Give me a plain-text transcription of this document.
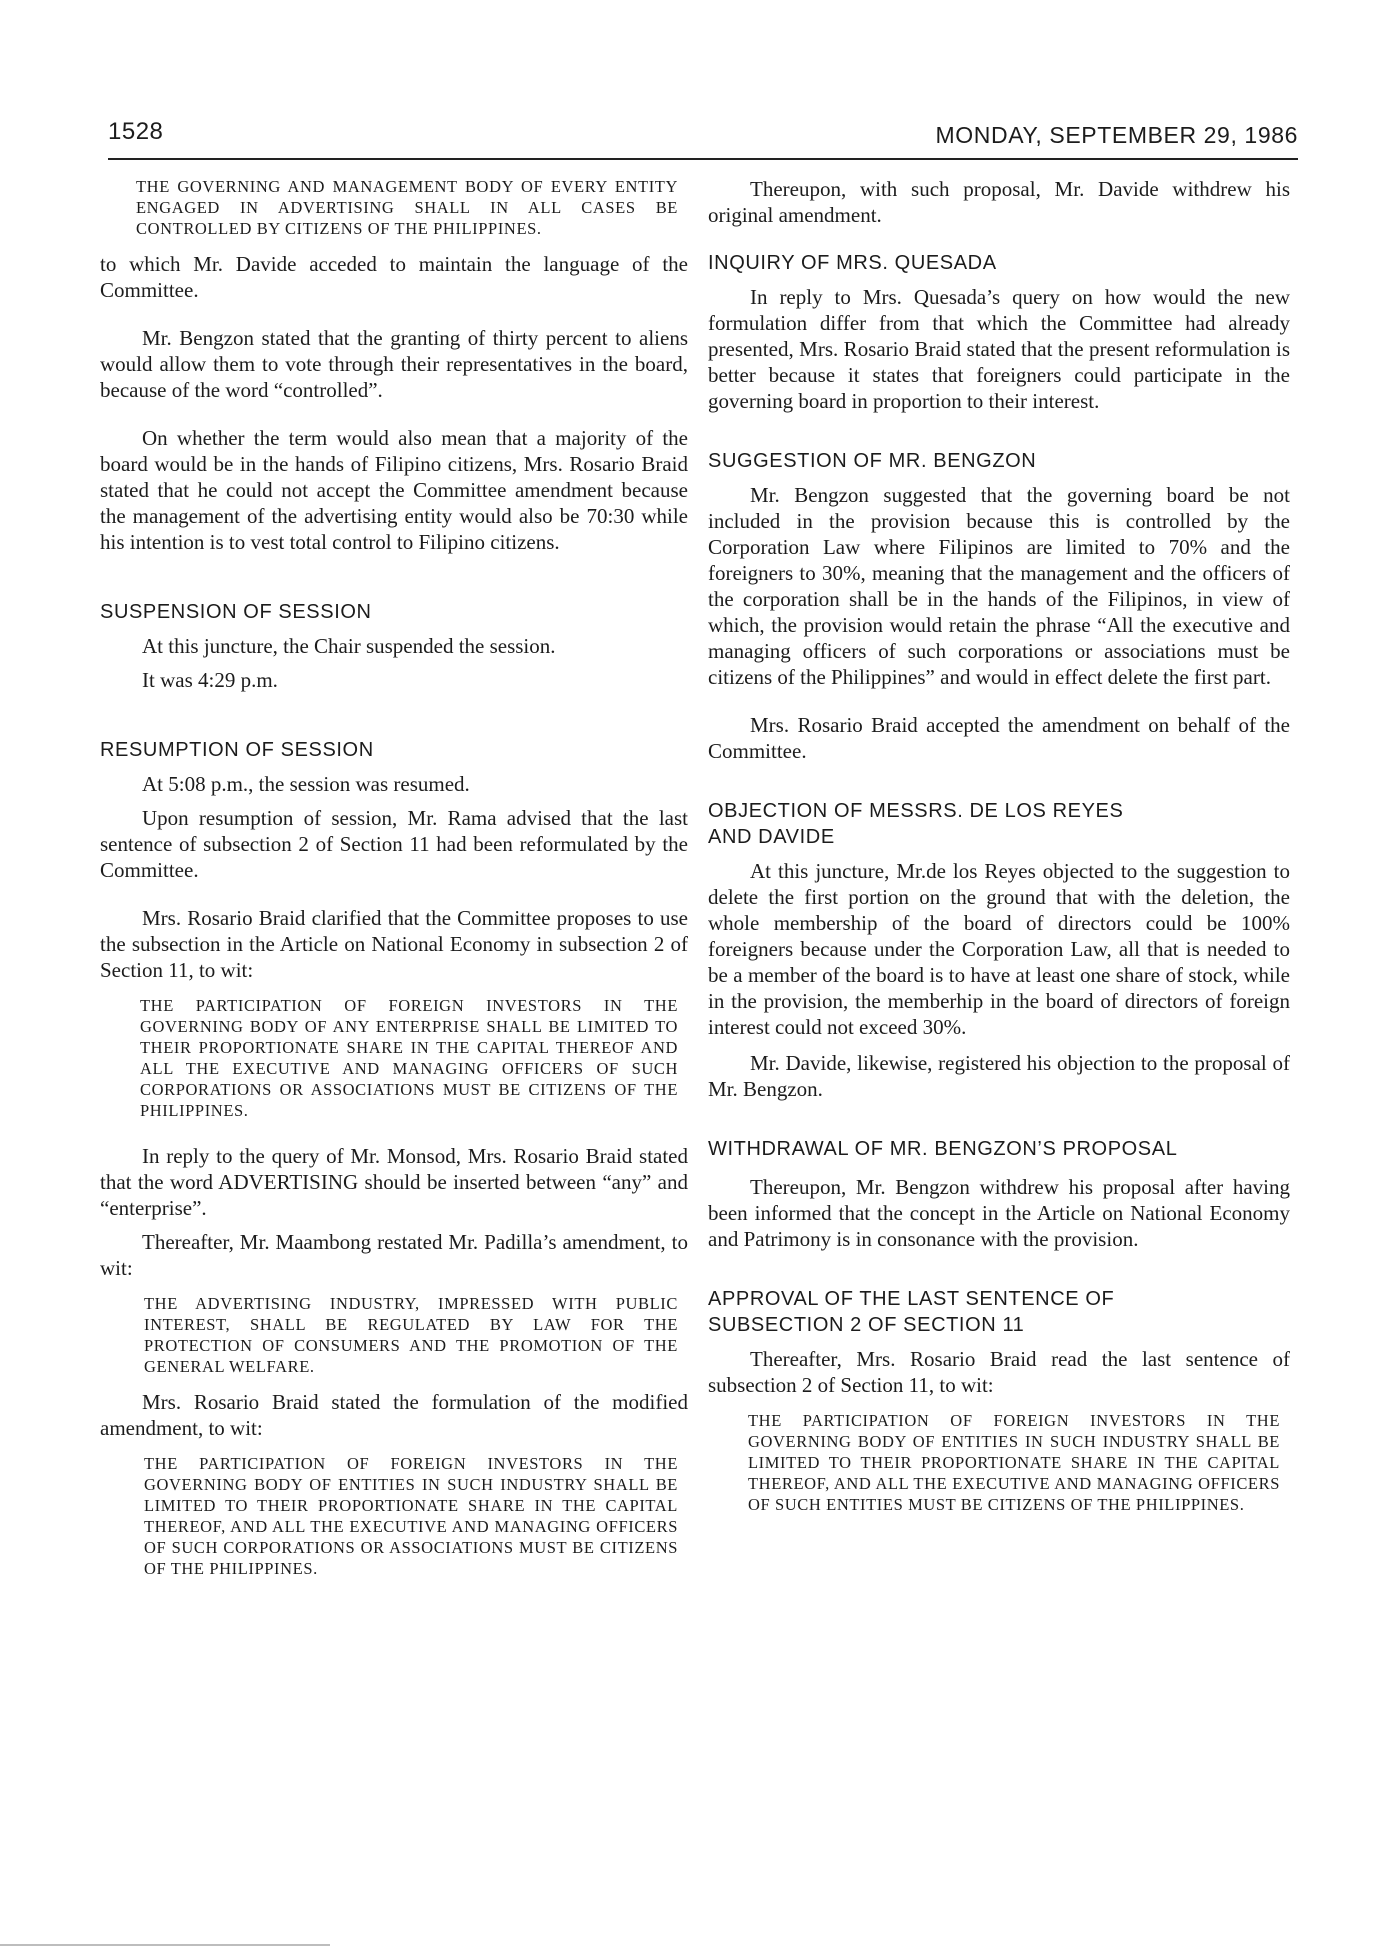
1528	MONDAY, SEPTEMBER 29, 1986

THE GOVERNING AND MANAGEMENT BODY OF EVERY ENTITY ENGAGED IN ADVERTISING SHALL IN ALL CASES BE CONTROLLED BY CITIZENS OF THE PHILIPPINES.

to which Mr. Davide acceded to maintain the language of the Committee.

Mr. Bengzon stated that the granting of thirty percent to aliens would allow them to vote through their representatives in the board, because of the word “controlled”.

On whether the term would also mean that a majority of the board would be in the hands of Filipino citizens, Mrs. Rosario Braid stated that he could not accept the Committee amendment because the management of the advertising entity would also be 70:30 while his intention is to vest total control to Filipino citizens.

SUSPENSION OF SESSION

At this juncture, the Chair suspended the session.

It was 4:29 p.m.

RESUMPTION OF SESSION

At 5:08 p.m., the session was resumed.

Upon resumption of session, Mr. Rama advised that the last sentence of subsection 2 of Section 11 had been reformulated by the Committee.

Mrs. Rosario Braid clarified that the Committee proposes to use the subsection in the Article on National Economy in subsection 2 of Section 11, to wit:

THE PARTICIPATION OF FOREIGN INVESTORS IN THE GOVERNING BODY OF ANY ENTERPRISE SHALL BE LIMITED TO THEIR PROPORTIONATE SHARE IN THE CAPITAL THEREOF AND ALL THE EXECUTIVE AND MANAGING OFFICERS OF SUCH CORPORATIONS OR ASSOCIATIONS MUST BE CITIZENS OF THE PHILIPPINES.

In reply to the query of Mr. Monsod, Mrs. Rosario Braid stated that the word ADVERTISING should be inserted between “any” and “enterprise”.

Thereafter, Mr. Maambong restated Mr. Padilla’s amendment, to wit:

THE ADVERTISING INDUSTRY, IMPRESSED WITH PUBLIC INTEREST, SHALL BE REGULATED BY LAW FOR THE PROTECTION OF CONSUMERS AND THE PROMOTION OF THE GENERAL WELFARE.

Mrs. Rosario Braid stated the formulation of the modified amendment, to wit:

THE PARTICIPATION OF FOREIGN INVESTORS IN THE GOVERNING BODY OF ENTITIES IN SUCH INDUSTRY SHALL BE LIMITED TO THEIR PROPORTIONATE SHARE IN THE CAPITAL THEREOF, AND ALL THE EXECUTIVE AND MANAGING OFFICERS OF SUCH CORPORATIONS OR ASSOCIATIONS MUST BE CITIZENS OF THE PHILIPPINES.

Thereupon, with such proposal, Mr. Davide withdrew his original amendment.

INQUIRY OF MRS. QUESADA

In reply to Mrs. Quesada’s query on how would the new formulation differ from that which the Committee had already presented, Mrs. Rosario Braid stated that the present reformulation is better because it states that foreigners could participate in the governing board in proportion to their interest.

SUGGESTION OF MR. BENGZON

Mr. Bengzon suggested that the governing board be not included in the provision because this is controlled by the Corporation Law where Filipinos are limited to 70% and the foreigners to 30%, meaning that the management and the officers of the corporation shall be in the hands of the Filipinos, in view of which, the provision would retain the phrase “All the executive and managing officers of such corporations or associations must be citizens of the Philippines” and would in effect delete the first part.

Mrs. Rosario Braid accepted the amendment on behalf of the Committee.

OBJECTION OF MESSRS. DE LOS REYES

AND DAVIDE

At this juncture, Mr.de los Reyes objected to the suggestion to delete the first portion on the ground that with the deletion, the whole membership of the board of directors could be 100% foreigners because under the Corporation Law, all that is needed to be a member of the board is to have at least one share of stock, while in the provision, the memberhip in the board of directors of foreign interest could not exceed 30%.

Mr. Davide, likewise, registered his objection to the proposal of Mr. Bengzon.

WITHDRAWAL OF MR. BENGZON’S PROPOSAL

Thereupon, Mr. Bengzon withdrew his proposal after having been informed that the concept in the Article on National Economy and Patrimony is in consonance with the provision.

APPROVAL OF THE LAST SENTENCE OF

SUBSECTION 2 OF SECTION 11

Thereafter, Mrs. Rosario Braid read the last sentence of subsection 2 of Section 11, to wit:

THE PARTICIPATION OF FOREIGN INVESTORS IN THE GOVERNING BODY OF ENTITIES IN SUCH INDUSTRY SHALL BE LIMITED TO THEIR PROPORTIONATE SHARE IN THE CAPITAL THEREOF, AND ALL THE EXECUTIVE AND MANAGING OFFICERS OF SUCH ENTITIES MUST BE CITIZENS OF THE PHILIPPINES.
